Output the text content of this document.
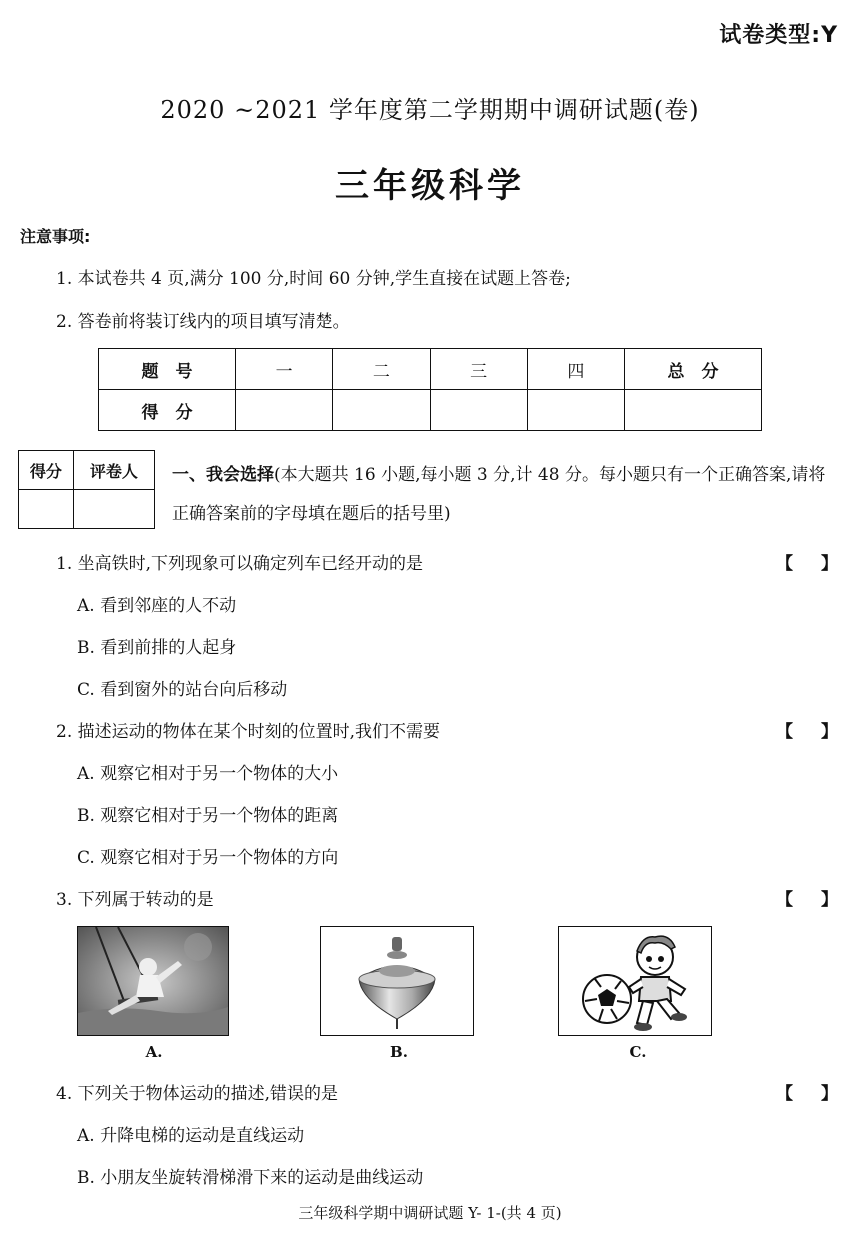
试卷类型:Y
2020 ~2021 学年度第二学期期中调研试题(卷)
三年级科学
注意事项:
1. 本试卷共 4 页,满分 100 分,时间 60 分钟,学生直接在试题上答卷;
2. 答卷前将装订线内的项目填写清楚。
题　号	一	二	三	四	总　分
得　分					
得分	评卷人
	一、我会选择(本大题共 16 小题,每小题 3 分,计 48 分。每小题只有一个正确答案,请将正确答案前的字母填在题后的括号里)
1. 坐高铁时,下列现象可以确定列车已经开动的是	【 】
A. 看到邻座的人不动
B. 看到前排的人起身
C. 看到窗外的站台向后移动
2. 描述运动的物体在某个时刻的位置时,我们不需要	【 】
A. 观察它相对于另一个物体的大小
B. 观察它相对于另一个物体的距离
C. 观察它相对于另一个物体的方向
3. 下列属于转动的是	【 】
A.	B.	C.
4. 下列关于物体运动的描述,错误的是	【 】
A. 升降电梯的运动是直线运动
B. 小朋友坐旋转滑梯滑下来的运动是曲线运动
三年级科学期中调研试题 Y- 1-(共 4 页)
